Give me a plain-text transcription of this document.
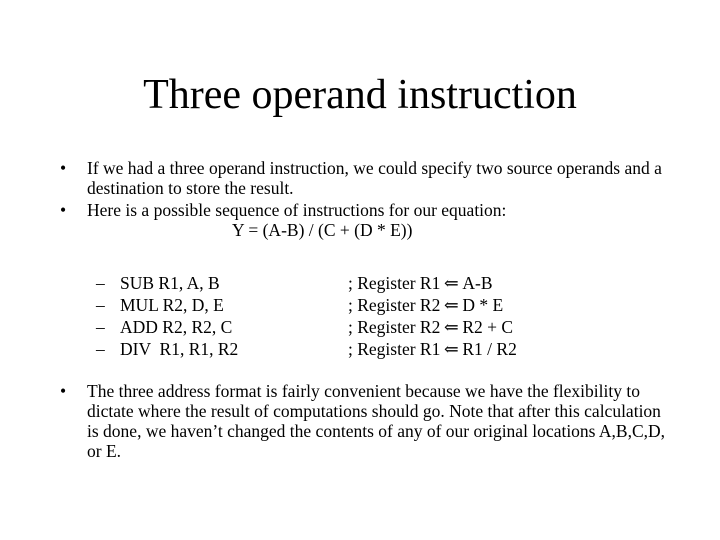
Three operand instruction
•	If we had a three operand instruction, we could specify two source operands and a destination to store the result.
•	Here is a possible sequence of instructions for our equation:
Y = (A-B) / (C + (D * E))
– SUB R1, A, B	; Register R1 ⇐ A-B
– MUL R2, D, E	; Register R2 ⇐ D * E
– ADD R2, R2, C	; Register R2 ⇐ R2 + C
– DIV  R1, R1, R2	; Register R1 ⇐ R1 / R2
•	The three address format is fairly convenient because we have the flexibility to dictate where the result of computations should go. Note that after this calculation is done, we haven’t changed the contents of any of our original locations A,B,C,D, or E.
